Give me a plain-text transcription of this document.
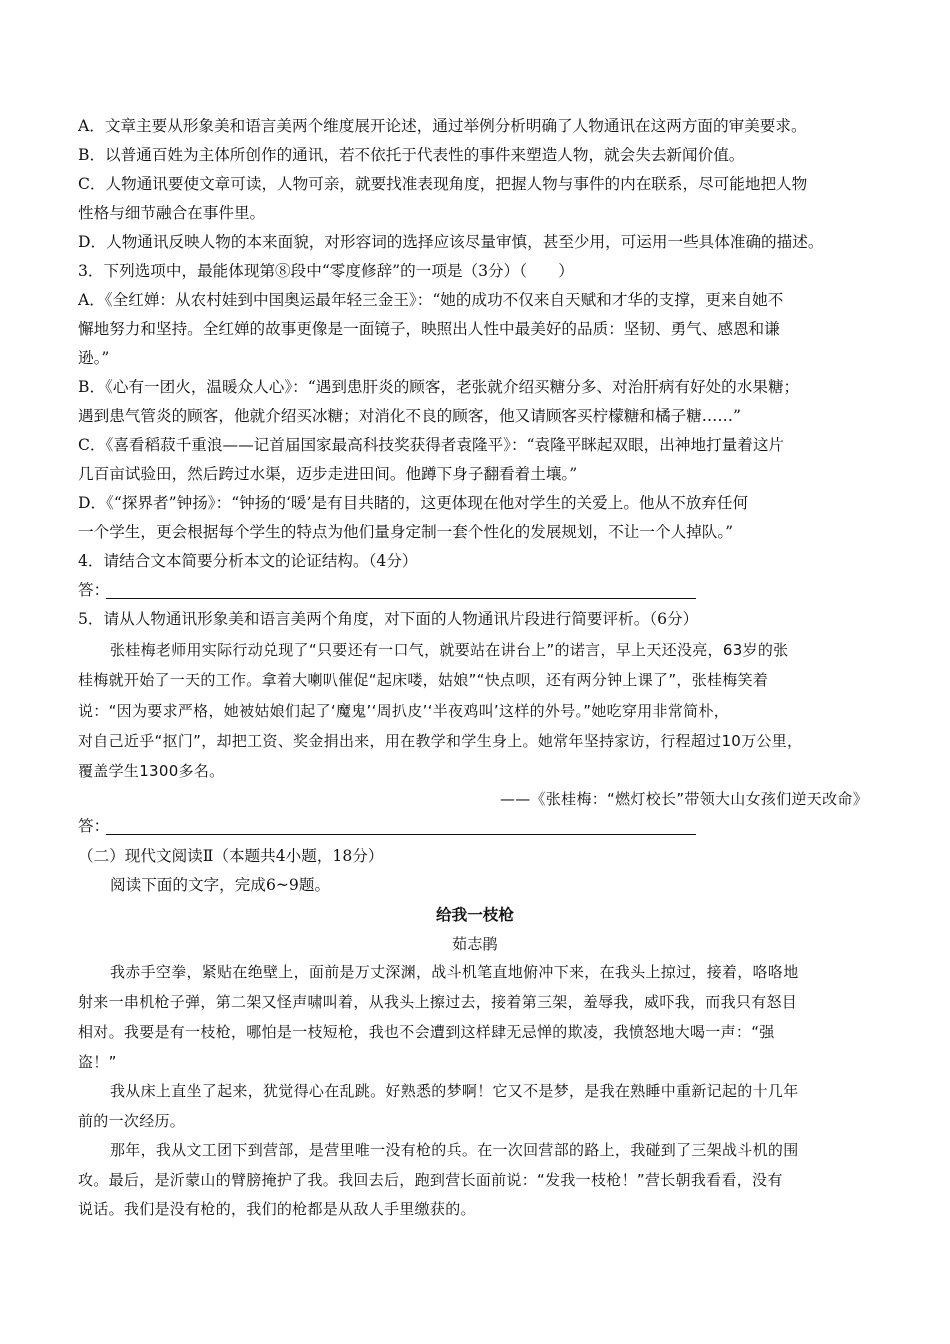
A．文章主要从形象美和语言美两个维度展开论述，通过举例分析明确了人物通讯在这两方面的审美要求。
B．以普通百姓为主体所创作的通讯，若不依托于代表性的事件来塑造人物，就会失去新闻价值。
C．人物通讯要使文章可读，人物可亲，就要找准表现角度，把握人物与事件的内在联系，尽可能地把人物
性格与细节融合在事件里。
D．人物通讯反映人物的本来面貌，对形容词的选择应该尽量审慎，甚至少用，可运用一些具体准确的描述。
3．下列选项中，最能体现第⑧段中“零度修辞”的一项是（3分）（　　）
A．《全红婵：从农村娃到中国奥运最年轻三金王》：“她的成功不仅来自天赋和才华的支撑，更来自她不
懈地努力和坚持。全红婵的故事更像是一面镜子，映照出人性中最美好的品质：坚韧、勇气、感恩和谦
逊。”
B．《心有一团火，温暖众人心》：“遇到患肝炎的顾客，老张就介绍买糖分多、对治肝病有好处的水果糖；
遇到患气管炎的顾客，他就介绍买冰糖；对消化不良的顾客，他又请顾客买柠檬糖和橘子糖……”
C．《喜看稻菽千重浪——记首届国家最高科技奖获得者袁隆平》：“袁隆平眯起双眼，出神地打量着这片
几百亩试验田，然后跨过水渠，迈步走进田间。他蹲下身子翻看着土壤。”
D．《“探界者”钟扬》：“钟扬的‘暖’是有目共睹的，这更体现在他对学生的关爱上。他从不放弃任何
一个学生，更会根据每个学生的特点为他们量身定制一套个性化的发展规划，不让一个人掉队。”
4．请结合文本简要分析本文的论证结构。（4分）
答：
5．请从人物通讯形象美和语言美两个角度，对下面的人物通讯片段进行简要评析。（6分）
张桂梅老师用实际行动兑现了“只要还有一口气，就要站在讲台上”的诺言，早上天还没亮，63岁的张
桂梅就开始了一天的工作。拿着大喇叭催促“起床喽，姑娘”“快点呗，还有两分钟上课了”，张桂梅笑着
说：“因为要求严格，她被姑娘们起了‘魔鬼’‘周扒皮’‘半夜鸡叫’这样的外号。”她吃穿用非常简朴，
对自己近乎“抠门”，却把工资、奖金捐出来，用在教学和学生身上。她常年坚持家访，行程超过10万公里，
覆盖学生1300多名。
——《张桂梅：“燃灯校长”带领大山女孩们逆天改命》
答：
（二）现代文阅读Ⅱ（本题共4小题，18分）
阅读下面的文字，完成6~9题。
给我一枝枪
茹志鹃
我赤手空拳，紧贴在绝壁上，面前是万丈深渊，战斗机笔直地俯冲下来，在我头上掠过，接着，咯咯地
射来一串机枪子弹，第二架又怪声啸叫着，从我头上擦过去，接着第三架，羞辱我，威吓我，而我只有怒目
相对。我要是有一枝枪，哪怕是一枝短枪，我也不会遭到这样肆无忌惮的欺凌，我愤怒地大喝一声：“强
盗！”
我从床上直坐了起来，犹觉得心在乱跳。好熟悉的梦啊！它又不是梦，是我在熟睡中重新记起的十几年
前的一次经历。
那年，我从文工团下到营部，是营里唯一没有枪的兵。在一次回营部的路上，我碰到了三架战斗机的围
攻。最后，是沂蒙山的臂膀掩护了我。我回去后，跑到营长面前说：“发我一枝枪！”营长朝我看看，没有
说话。我们是没有枪的，我们的枪都是从敌人手里缴获的。
